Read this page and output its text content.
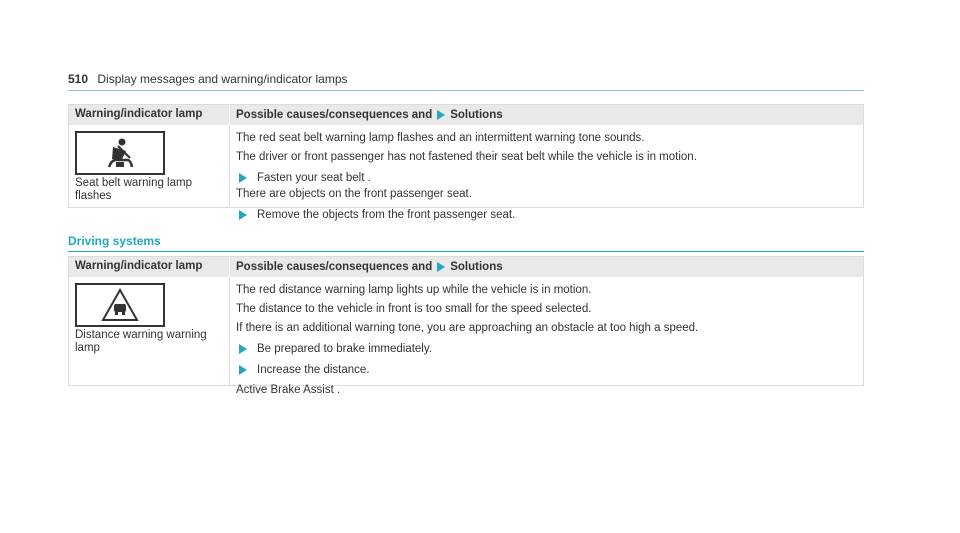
510 Display messages and warning/indicator lamps
Warning/indicator lamp	Possible causes/consequences and Solutions
Seat belt warning lamp flashes
The red seat belt warning lamp flashes and an intermittent warning tone sounds.
The driver or front passenger has not fastened their seat belt while the vehicle is in motion.
Fasten your seat belt .
There are objects on the front passenger seat.
Remove the objects from the front passenger seat.
Driving systems
Warning/indicator lamp	Possible causes/consequences and Solutions
Distance warning warning lamp
The red distance warning lamp lights up while the vehicle is in motion.
The distance to the vehicle in front is too small for the speed selected.
If there is an additional warning tone, you are approaching an obstacle at too high a speed.
Be prepared to brake immediately.
Increase the distance.
Active Brake Assist .
